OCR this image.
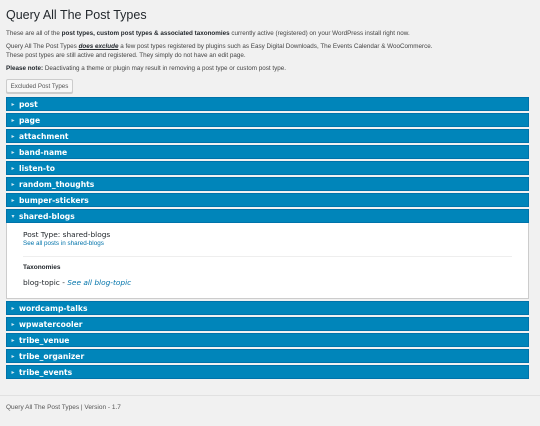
Query All The Post Types

These are all of the post types, custom post types & associated taxonomies currently active (registered) on your WordPress install right now.

Query All The Post Types does exclude a few post types registered by plugins such as Easy Digital Downloads, The Events Calendar & WooCommerce.
These post types are still active and registered. They simply do not have an edit page.

Please note: Deactivating a theme or plugin may result in removing a post type or custom post type.

Excluded Post Types
▸ post
▸ page
▸ attachment
▸ band-name
▸ listen-to
▸ random_thoughts
▸ bumper-stickers
▾ shared-blogs
Post Type: shared-blogs
See all posts in shared-blogs
Taxonomies
blog-topic - See all blog-topic
▸ wordcamp-talks
▸ wpwatercooler
▸ tribe_venue
▸ tribe_organizer
▸ tribe_events
Query All The Post Types | Version - 1.7
